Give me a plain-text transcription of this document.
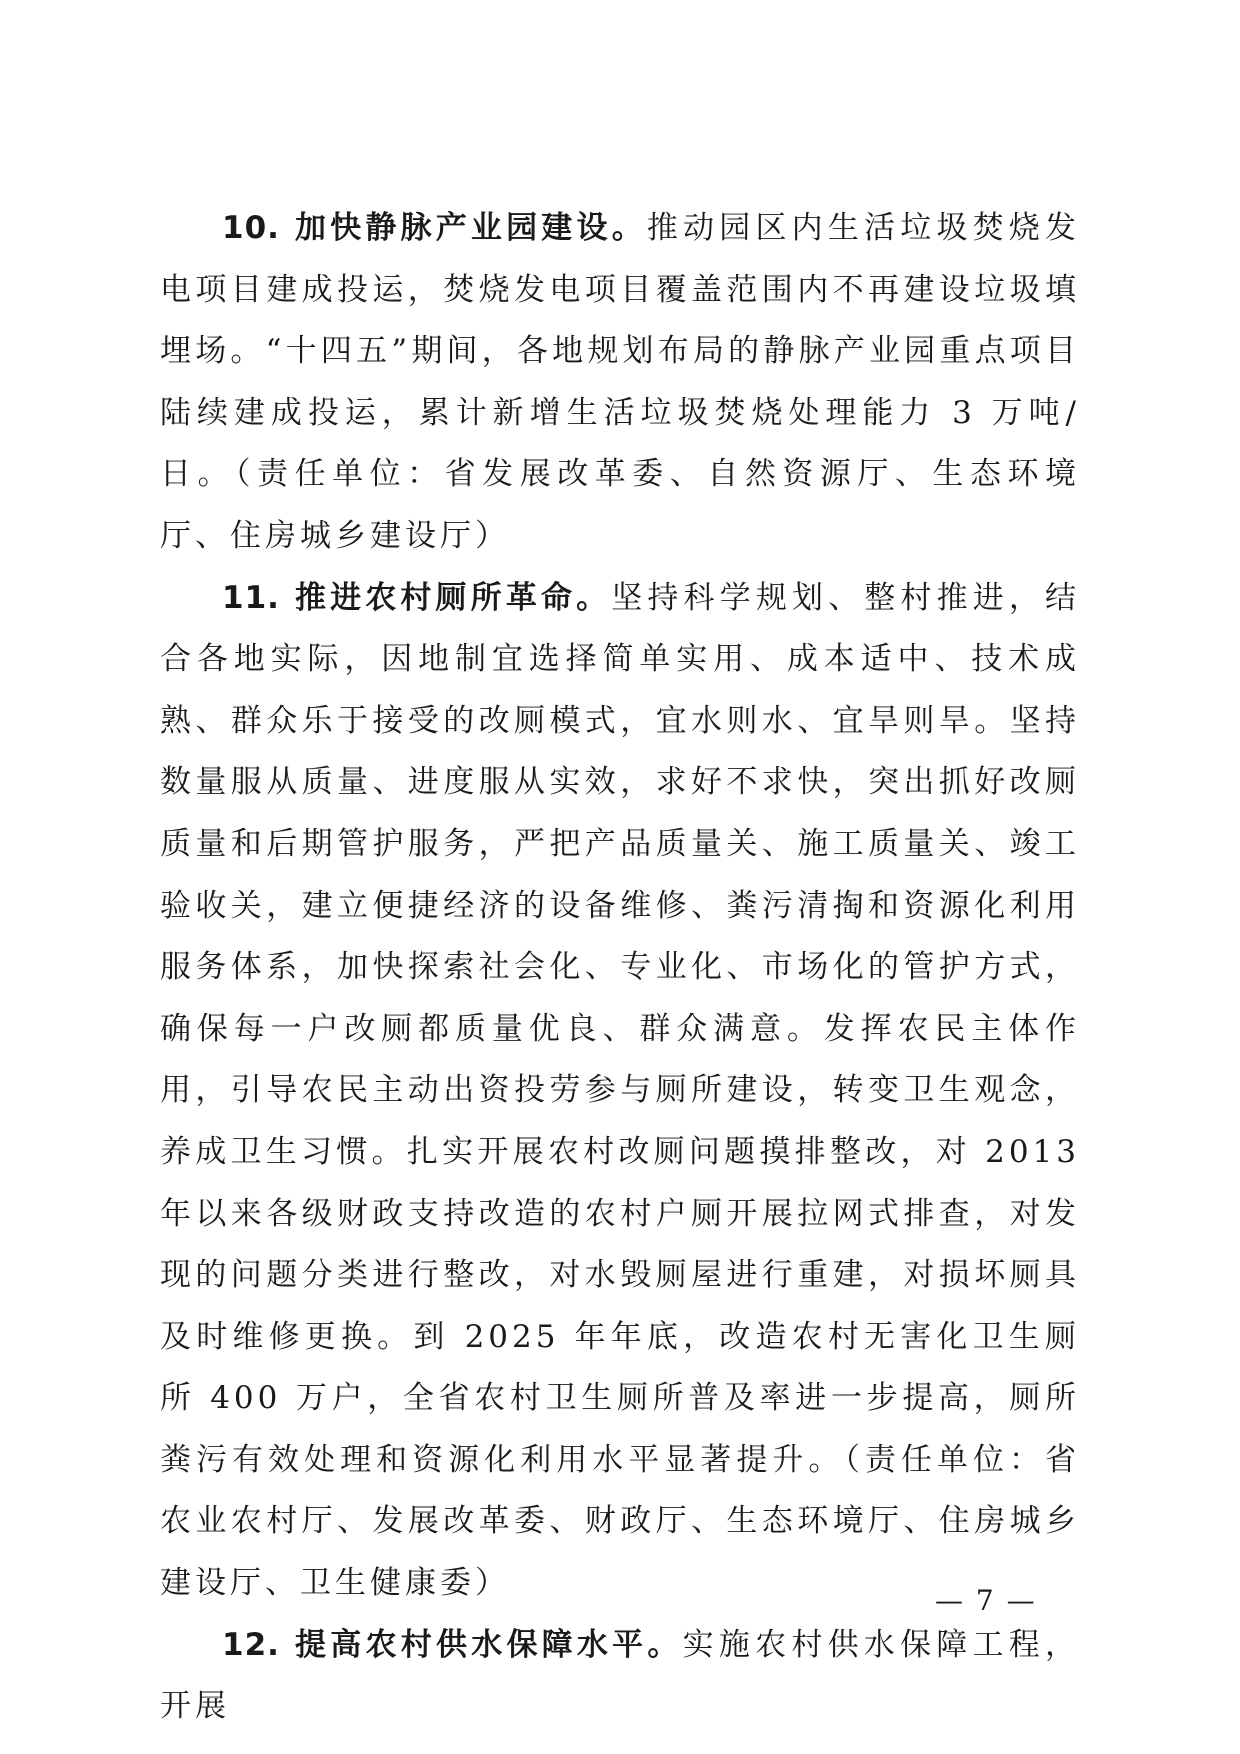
10. 加快静脉产业园建设。推动园区内生活垃圾焚烧发电项目建成投运，焚烧发电项目覆盖范围内不再建设垃圾填埋场。“十四五”期间，各地规划布局的静脉产业园重点项目陆续建成投运，累计新增生活垃圾焚烧处理能力 3 万吨/日。（责任单位：省发展改革委、自然资源厅、生态环境厅、住房城乡建设厅）

11. 推进农村厕所革命。坚持科学规划、整村推进，结合各地实际，因地制宜选择简单实用、成本适中、技术成熟、群众乐于接受的改厕模式，宜水则水、宜旱则旱。坚持数量服从质量、进度服从实效，求好不求快，突出抓好改厕质量和后期管护服务，严把产品质量关、施工质量关、竣工验收关，建立便捷经济的设备维修、粪污清掏和资源化利用服务体系，加快探索社会化、专业化、市场化的管护方式，确保每一户改厕都质量优良、群众满意。发挥农民主体作用，引导农民主动出资投劳参与厕所建设，转变卫生观念，养成卫生习惯。扎实开展农村改厕问题摸排整改，对 2013 年以来各级财政支持改造的农村户厕开展拉网式排查，对发现的问题分类进行整改，对水毁厕屋进行重建，对损坏厕具及时维修更换。到 2025 年年底，改造农村无害化卫生厕所 400 万户，全省农村卫生厕所普及率进一步提高，厕所粪污有效处理和资源化利用水平显著提升。（责任单位：省农业农村厅、发展改革委、财政厅、生态环境厅、住房城乡建设厅、卫生健康委）

12. 提高农村供水保障水平。实施农村供水保障工程，开展

— 7 —
